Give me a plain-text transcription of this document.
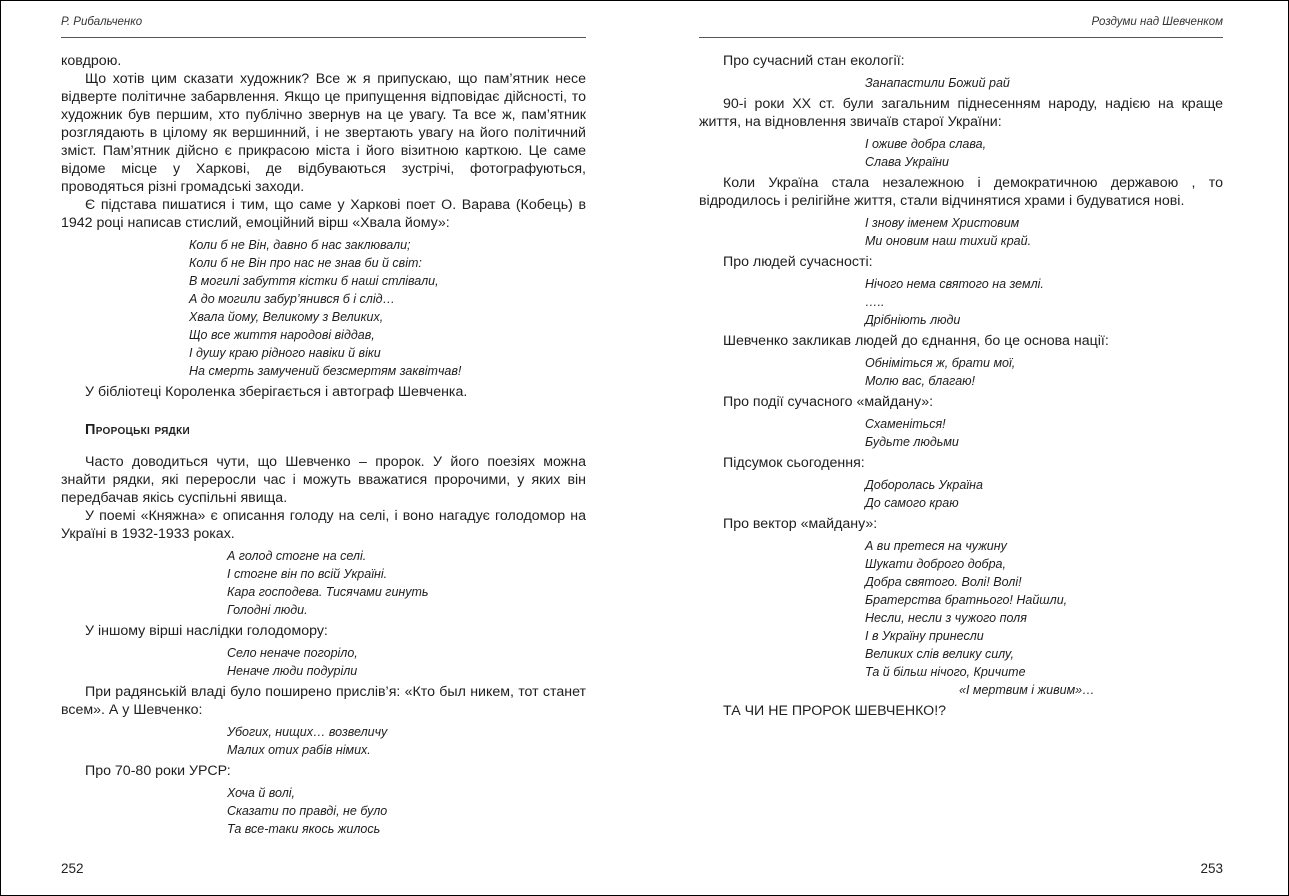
Р. Рибальченко

ковдрою.

Що хотів цим сказати художник? Все ж я припускаю, що пам’ятник несе відверте політичне забарвлення. Якщо це припущення відповідає дійсності, то художник був першим, хто публічно звернув на це увагу. Та все ж, пам’ятник розглядають в цілому як вершинний, і не звертають увагу на його політичний зміст. Пам’ятник дійсно є прикрасою міста і його візитною карткою. Це саме відоме місце у Харкові, де відбуваються зустрічі, фотографуються, проводяться різні громадські заходи.

Є підстава пишатися і тим, що саме у Харкові поет О. Варава (Кобець) в 1942 році написав стислий, емоційний вірш «Хвала йому»:

Коли б не Він, давно б нас заклювали;
Коли б не Він про нас не знав би й світ:
В могилі забуття кістки б наші стлівали,
А до могили забур’янився б і слід…
Хвала йому, Великому з Великих,
Що все життя народові віддав,
І душу краю рідного навіки й віки
На смерть замучений безсмертям заквітчав!

У бібліотеці Короленка зберігається і автограф Шевченка.

Пророцькі рядки

Часто доводиться чути, що Шевченко – пророк. У його поезіях можна знайти рядки, які переросли час і можуть вважатися пророчими, у яких він передбачав якісь суспільні явища.

У поемі «Княжна» є описання голоду на селі, і воно нагадує голодомор на Україні в 1932-1933 роках.

А голод стогне на селі.
І стогне він по всій Україні.
Кара господева. Тисячами гинуть
Голодні люди.

У іншому вірші наслідки голодомору:

Село неначе погоріло,
Неначе люди подуріли

При радянській владі було поширено прислів’я: «Кто был никем, тот станет всем». А у Шевченко:

Убогих, нищих… возвеличу
Малих отих рабів німих.

Про 70-80 роки УРСР:

Хоча й волі,
Сказати по правді, не було
Та все-таки якось жилось
252
Роздуми над Шевченком

Про сучасний стан екології:

Занапастили Божий рай

90-і роки ХХ ст. були загальним піднесенням народу, надією на краще життя, на відновлення звичаїв старої України:

І оживе добра слава,
Слава України

Коли Україна стала незалежною і демократичною державою , то відродилось і релігійне життя, стали відчинятися храми і будуватися нові.

І знову іменем Христовим
Ми оновим наш тихий край.

Про людей сучасності:

Нічого нема святого на землі.
…..
Дрібніють люди

Шевченко закликав людей до єднання, бо це основа нації:

Обніміться ж, брати мої,
Молю вас, благаю!

Про події сучасного «майдану»:

Схаменіться!
Будьте людьми

Підсумок сьогодення:

Доборолась Україна
До самого краю

Про вектор «майдану»:

А ви претеся на чужину
Шукати доброго добра,
Добра святого. Волі! Волі!
Братерства братнього! Найшли,
Несли, несли з чужого поля
І в Україну принесли
Великих слів велику силу,
Та й більш нічого, Кричите
«І мертвим і живим»…

ТА ЧИ НЕ ПРОРОК ШЕВЧЕНКО!?

253
